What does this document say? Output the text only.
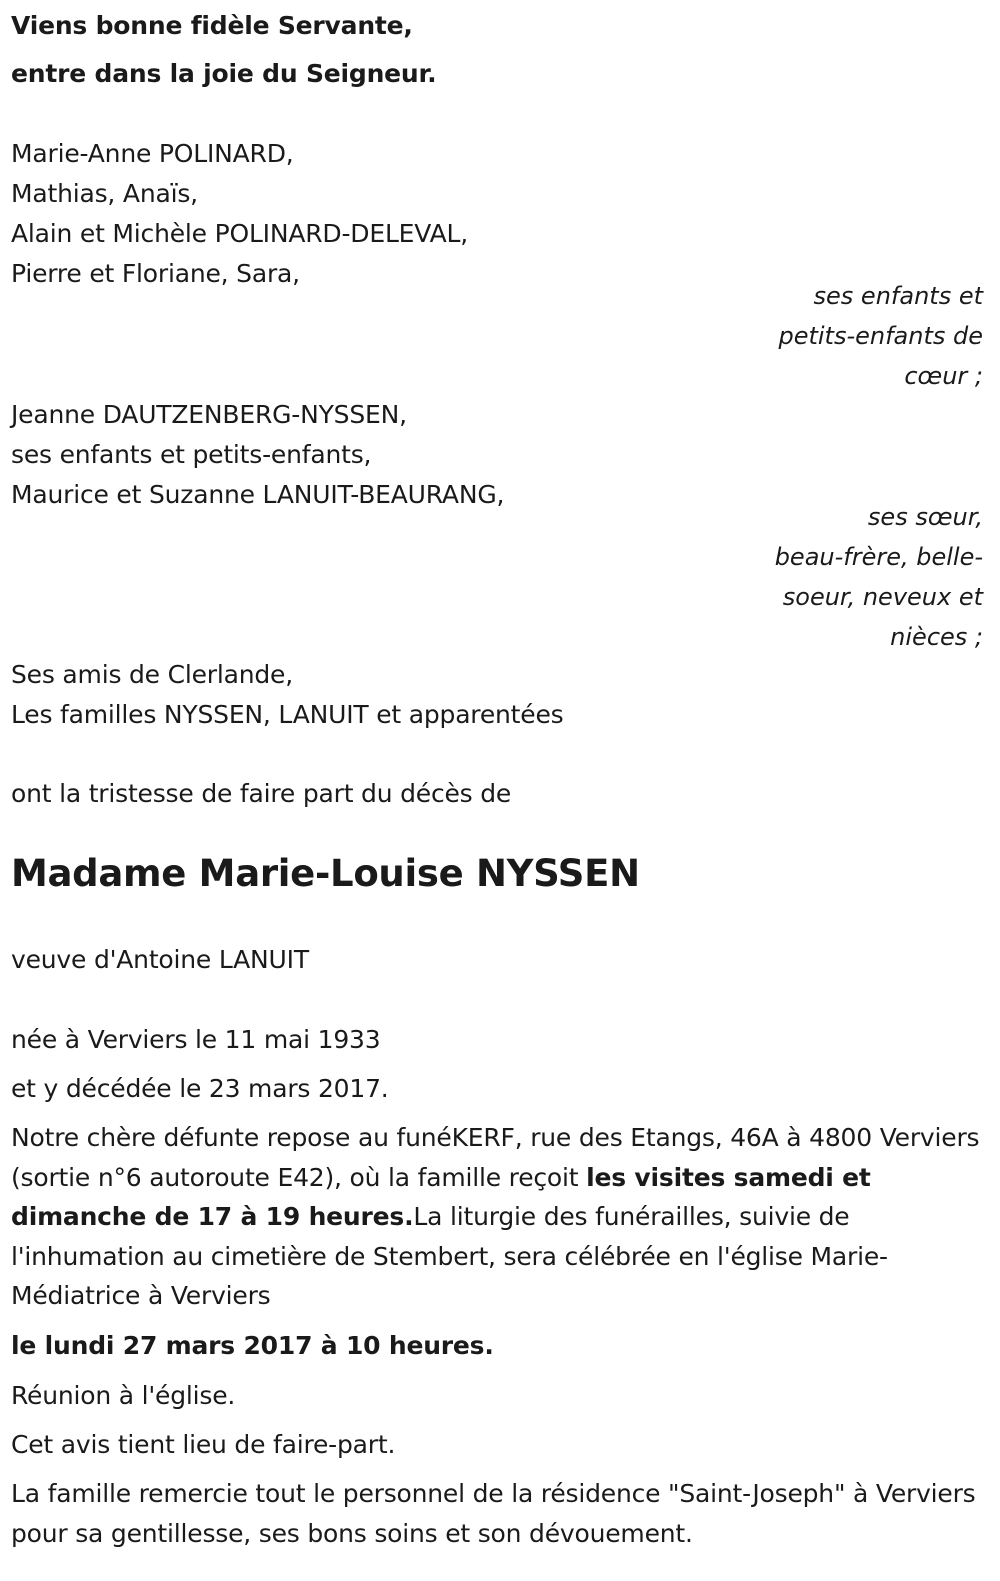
Viens bonne fidèle Servante,
entre dans la joie du Seigneur.
Marie-Anne POLINARD,
Mathias, Anaïs,
Alain et Michèle POLINARD-DELEVAL,
Pierre et Floriane, Sara,
ses enfants et
petits-enfants de
cœur ;
Jeanne DAUTZENBERG-NYSSEN,
ses enfants et petits-enfants,
Maurice et Suzanne LANUIT-BEAURANG,
ses sœur,
beau-frère, belle-
soeur, neveux et
nièces ;
Ses amis de Clerlande,
Les familles NYSSEN, LANUIT et apparentées
ont la tristesse de faire part du décès de
Madame Marie-Louise NYSSEN
veuve d'Antoine LANUIT
née à Verviers le 11 mai 1933
et y décédée le 23 mars 2017.
Notre chère défunte repose au funéKERF, rue des Etangs, 46A à 4800 Verviers (sortie n°6 autoroute E42), où la famille reçoit les visites samedi et dimanche de 17 à 19 heures.La liturgie des funérailles, suivie de l'inhumation au cimetière de Stembert, sera célébrée en l'église Marie-Médiatrice à Verviers
le lundi 27 mars 2017 à 10 heures.
Réunion à l'église.
Cet avis tient lieu de faire-part.
La famille remercie tout le personnel de la résidence "Saint-Joseph" à Verviers pour sa gentillesse, ses bons soins et son dévouement.
